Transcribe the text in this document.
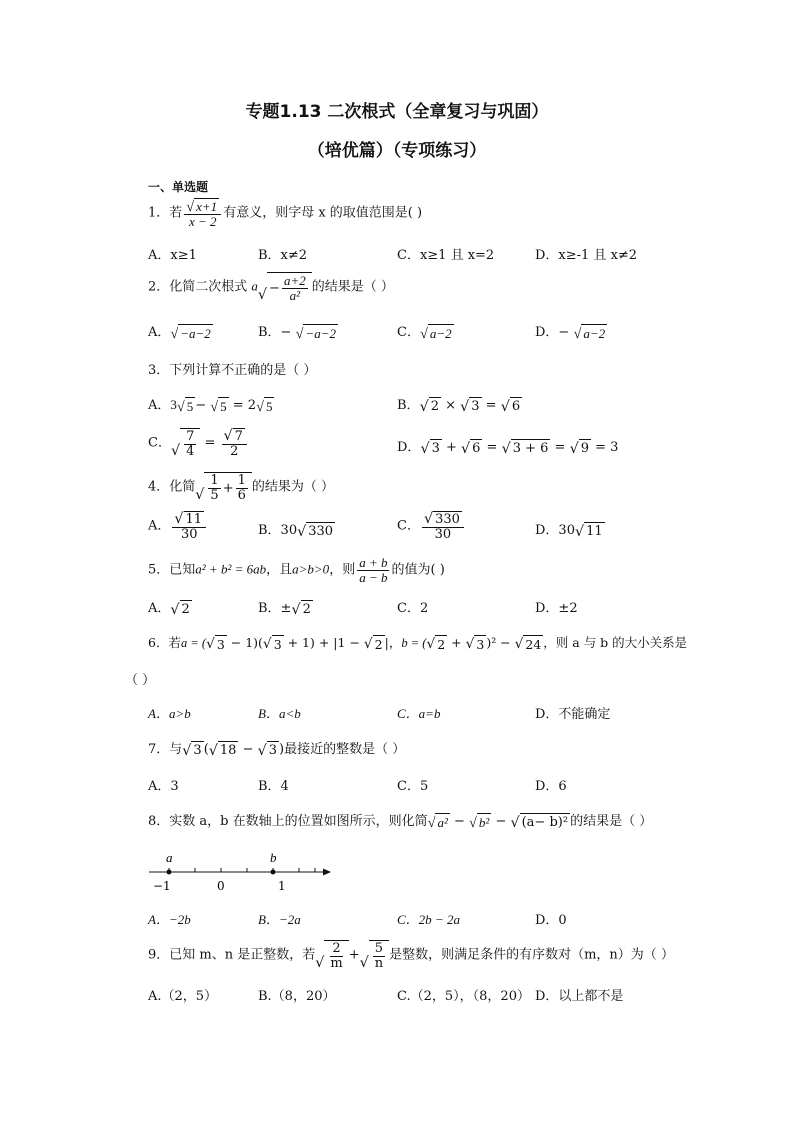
专题1.13 二次根式（全章复习与巩固）
（培优篇）（专项练习）
一、单选题
1．若 $\frac{√ x+1}{x - 2}$ 有意义，则字母 x 的取值范围是( )
A．x≥1	B．x≠2	C．x≥1 且 x=2	D．x≥-1 且 x≠2
2．化简二次根式 a
√ − $\frac{a+2}{\text{a²}}$ 的结果是（ ）
A． √ −a−2	B．− √ −a−2	C． √ a−2	D．− √ a−2
3．下列计算不正确的是（ ）
A．3 √ 5 − √ 5 = 2 √ 5	B． √ 2 × √ 3 = √ 6
C． √ $\frac{7}{4} = \frac{√ 7}{2}$	D． √ 3 + √ 6 = √ 3 + 6 = √ 9 = 3
4．化简 √ $\frac{1}{5} + \frac{1}{6}$ 的结果为（ ）
A． $\frac{√ 11}{30}$	B．30 √ 330	C． $\frac{√ 330}{30}$	D．30 √ 11
5．已知a² + b² = 6ab，且a>b>0，则 $\frac{a + b}{a - b}$ 的值为( )
A． √ 2	B．± √ 2	C．2	D．±2
6．若a = ( √ 3 − 1)( √ 3 + 1) + |1 − √ 2 |，b = ( √ 2 + √ 3 )² − √ 24 ，则 a 与 b 的大小关系是
（ ）
A．a>b	B．a<b	C．a=b	D．不能确定
7．与 √ 3 ( √ 18 − √ 3 )最接近的整数是（ ）
A．3	B．4	C．5	D．6
8．实数 a，b 在数轴上的位置如图所示，则化简 √ a² − √ b² − √ (a− b)² 的结果是（ ）
a	b
−1	0	1
A．−2b	B．−2a	C．2b − 2a	D．0
9．已知 m、n 是正整数，若 √ $\frac{2}{m}$ + √ $\frac{5}{n}$ 是整数，则满足条件的有序数对（m，n）为（ ）
A.（2，5）	B.（8，20）	C.（2，5），（8，20） D．以上都不是
